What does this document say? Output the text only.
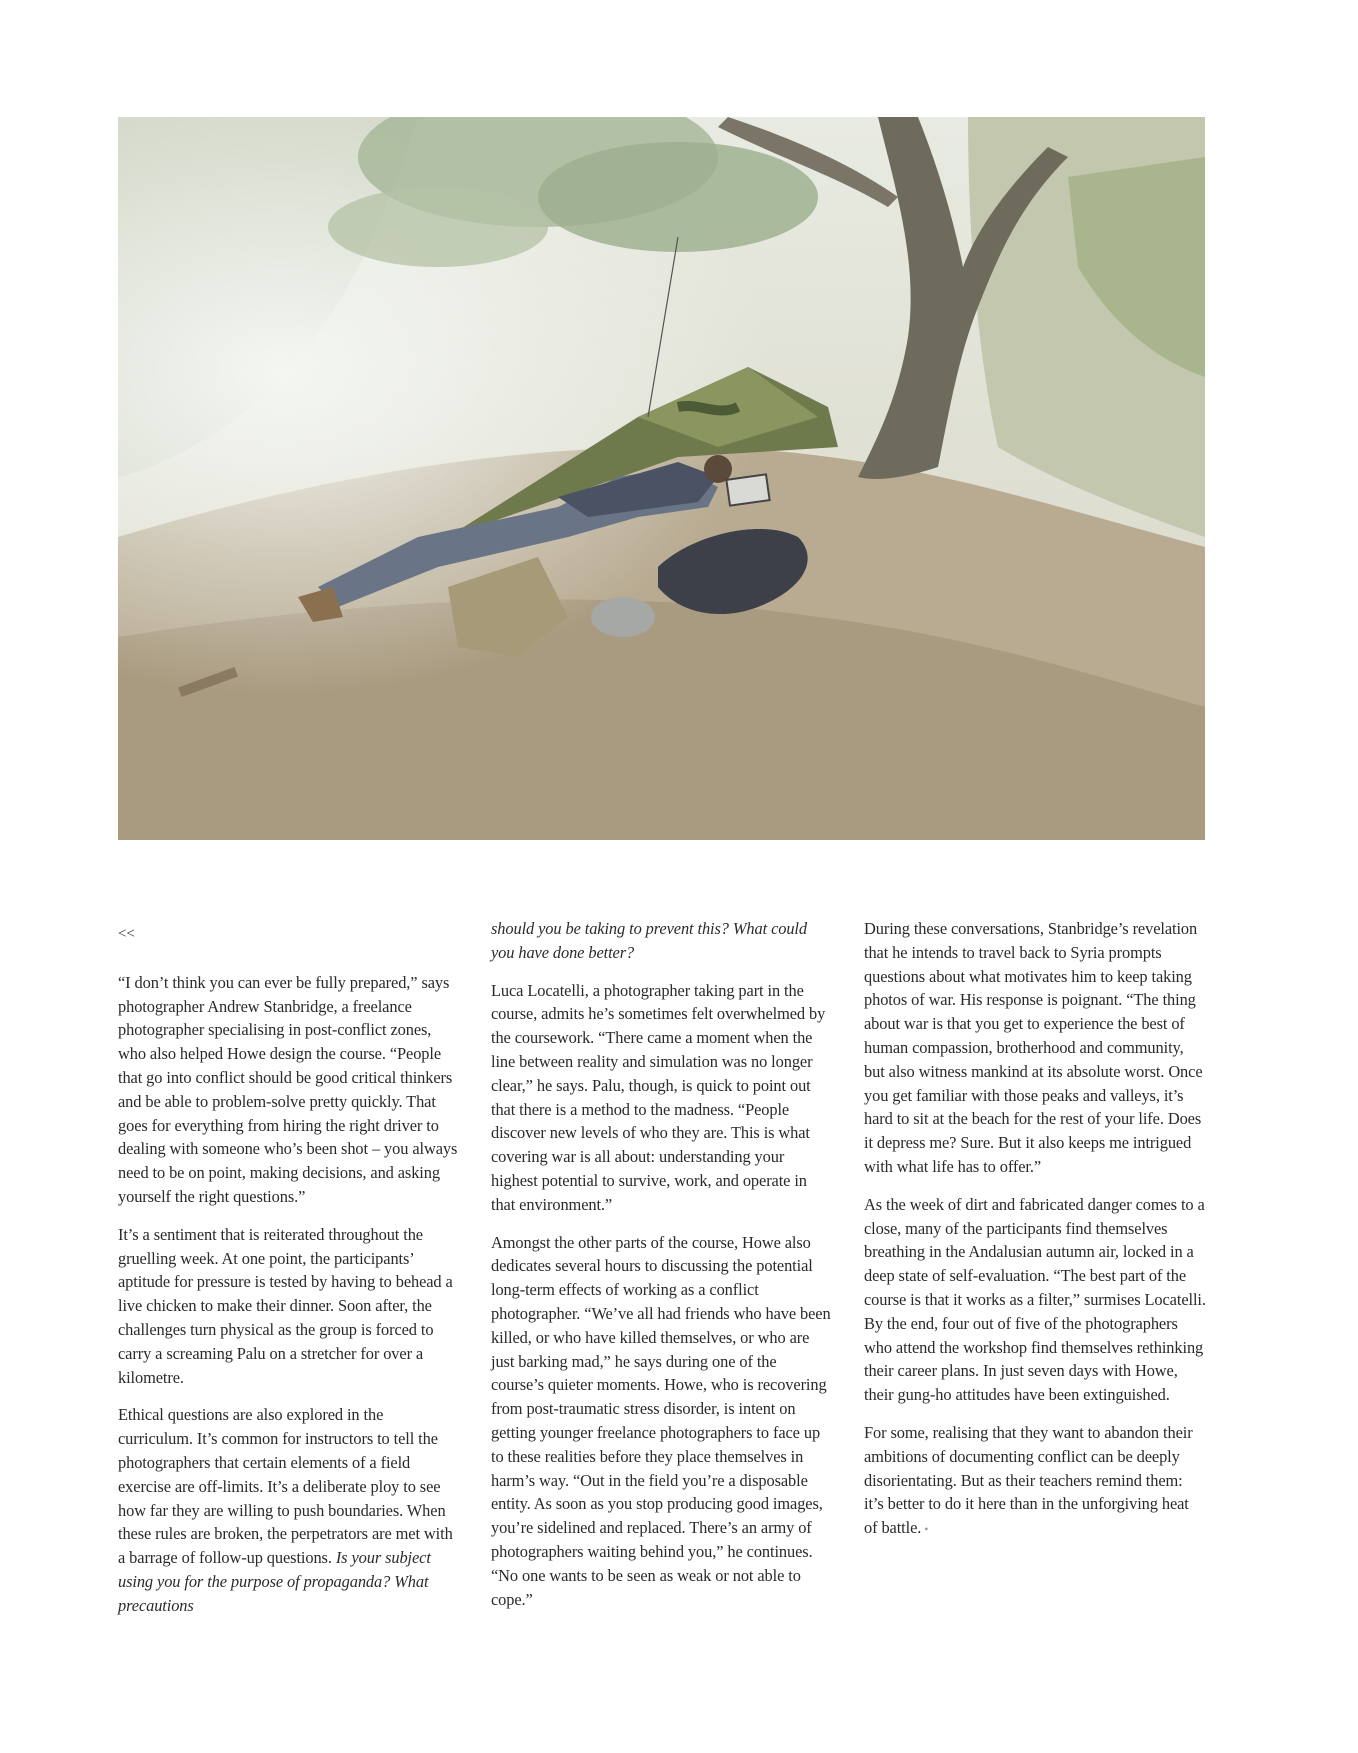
<<

“I don’t think you can ever be fully prepared,” says photographer Andrew Stanbridge, a freelance photographer specialising in post-conflict zones, who also helped Howe design the course. “People that go into conflict should be good critical thinkers and be able to problem-solve pretty quickly. That goes for everything from hiring the right driver to dealing with someone who’s been shot – you always need to be on point, making decisions, and asking yourself the right questions.”

It’s a sentiment that is reiterated throughout the gruelling week. At one point, the participants’ aptitude for pressure is tested by having to behead a live chicken to make their dinner. Soon after, the challenges turn physical as the group is forced to carry a screaming Palu on a stretcher for over a kilometre.

Ethical questions are also explored in the curriculum. It’s common for instructors to tell the photographers that certain elements of a field exercise are off-limits. It’s a deliberate ploy to see how far they are willing to push boundaries. When these rules are broken, the perpetrators are met with a barrage of follow-up questions. Is your subject using you for the purpose of propaganda? What precautions

should you be taking to prevent this? What could you have done better?

Luca Locatelli, a photographer taking part in the course, admits he’s sometimes felt overwhelmed by the coursework. “There came a moment when the line between reality and simulation was no longer clear,” he says. Palu, though, is quick to point out that there is a method to the madness. “People discover new levels of who they are. This is what covering war is all about: understanding your highest potential to survive, work, and operate in that environment.”

Amongst the other parts of the course, Howe also dedicates several hours to discussing the potential long-term effects of working as a conflict photographer. “We’ve all had friends who have been killed, or who have killed themselves, or who are just barking mad,” he says during one of the course’s quieter moments. Howe, who is recovering from post-traumatic stress disorder, is intent on getting younger freelance photographers to face up to these realities before they place themselves in harm’s way. “Out in the field you’re a disposable entity. As soon as you stop producing good images, you’re sidelined and replaced. There’s an army of photographers waiting behind you,” he continues. “No one wants to be seen as weak or not able to cope.”

During these conversations, Stanbridge’s revelation that he intends to travel back to Syria prompts questions about what motivates him to keep taking photos of war. His response is poignant. “The thing about war is that you get to experience the best of human compassion, brotherhood and community, but also witness mankind at its absolute worst. Once you get familiar with those peaks and valleys, it’s hard to sit at the beach for the rest of your life. Does it depress me? Sure. But it also keeps me intrigued with what life has to offer.”

As the week of dirt and fabricated danger comes to a close, many of the participants find themselves breathing in the Andalusian autumn air, locked in a deep state of self-evaluation. “The best part of the course is that it works as a filter,” surmises Locatelli. By the end, four out of five of the photographers who attend the workshop find themselves rethinking their career plans. In just seven days with Howe, their gung-ho attitudes have been extinguished.

For some, realising that they want to abandon their ambitions of documenting conflict can be deeply disorientating. But as their teachers remind them: it’s better to do it here than in the unforgiving heat of battle. •
